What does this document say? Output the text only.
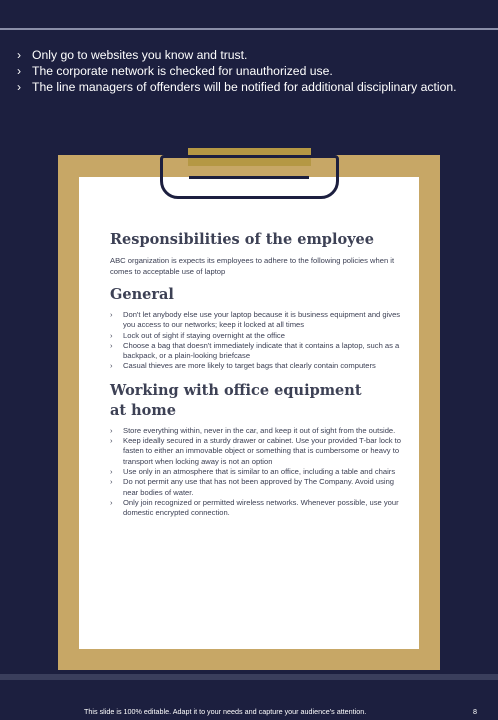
› Only go to websites you know and trust.
› The corporate network is checked for unauthorized use.
› The line managers of offenders will be notified for additional disciplinary action.
Responsibilities of the employee

ABC organization is expects its employees to adhere to the following policies when it comes to acceptable use of laptop

General
› Don't let anybody else use your laptop because it is business equipment and gives you access to our networks; keep it locked at all times
› Lock out of sight if staying overnight at the office
› Choose a bag that doesn't immediately indicate that it contains a laptop, such as a backpack, or a plain-looking briefcase
› Casual thieves are more likely to target bags that clearly contain computers
Working with office equipment at home
› Store everything within, never in the car, and keep it out of sight from the outside.
› Keep ideally secured in a sturdy drawer or cabinet. Use your provided T-bar lock to fasten to either an immovable object or something that is cumbersome or heavy to transport when locking away is not an option
› Use only in an atmosphere that is similar to an office, including a table and chairs
› Do not permit any use that has not been approved by The Company. Avoid using near bodies of water.
› Only join recognized or permitted wireless networks. Whenever possible, use your domestic encrypted connection.
This slide is 100% editable. Adapt it to your needs and capture your audience's attention.	8
